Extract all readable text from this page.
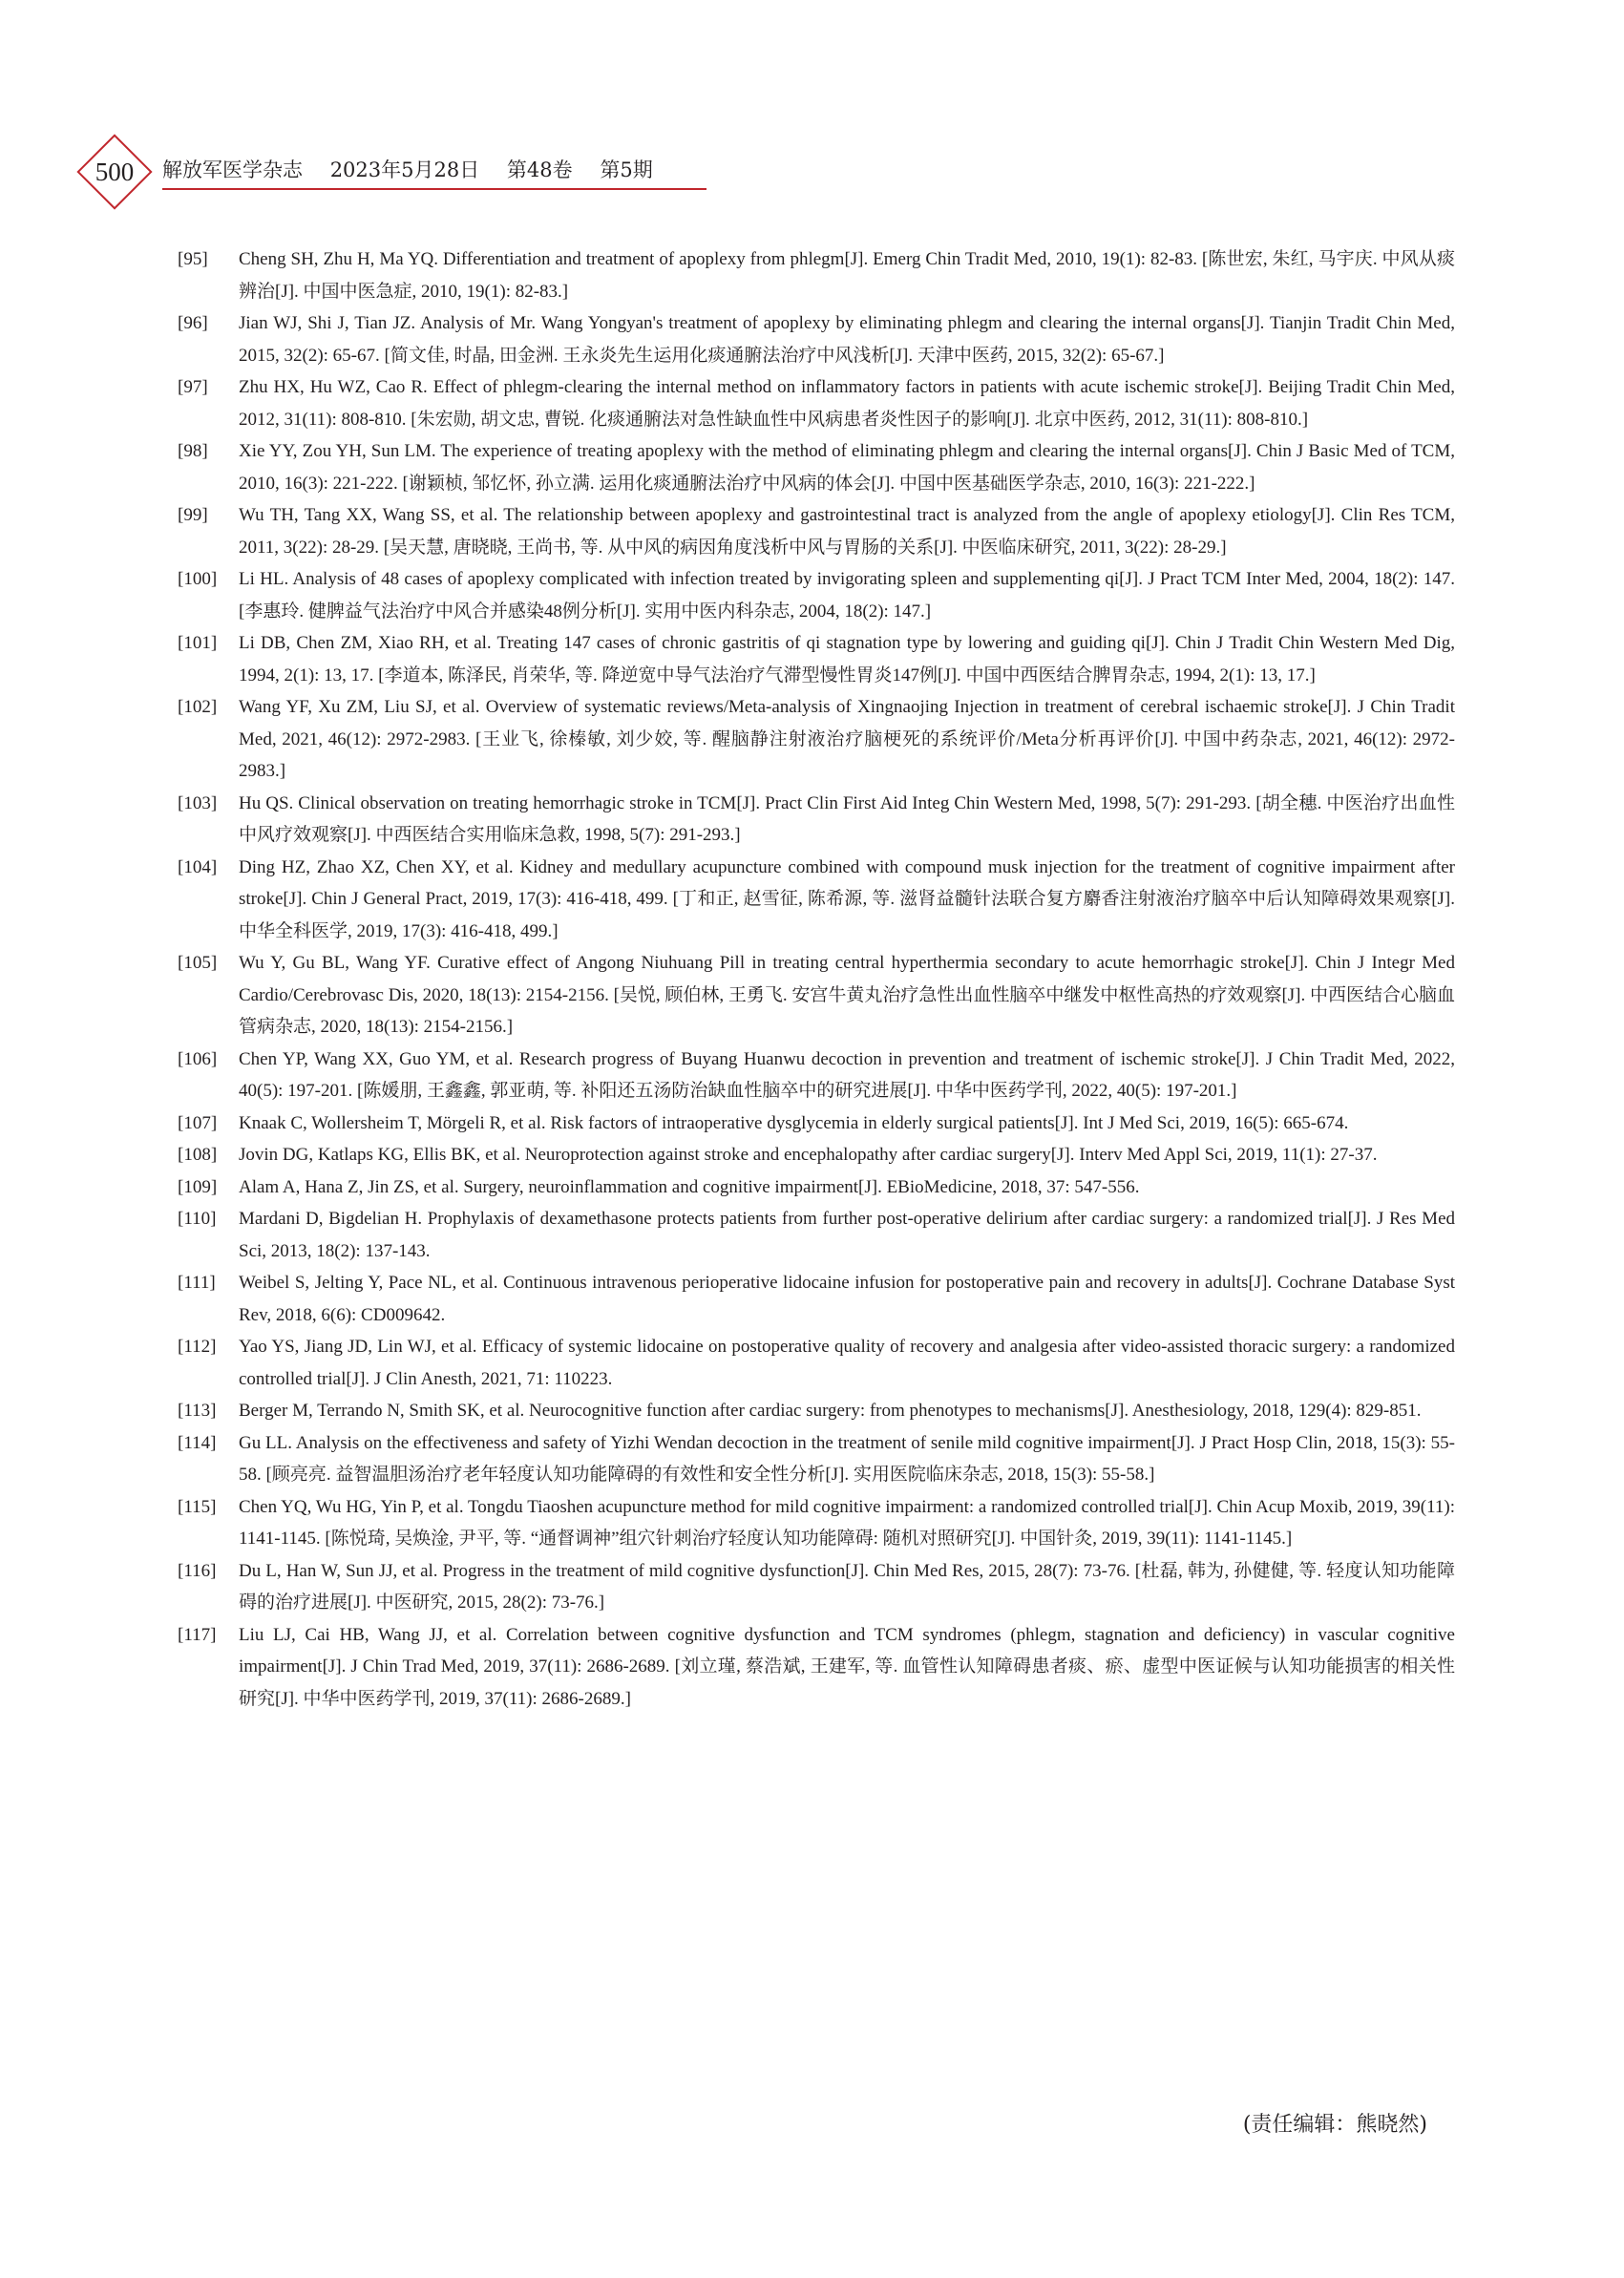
500	解放军医学杂志 2023年5月28日 第48卷 第5期
[95] Cheng SH, Zhu H, Ma YQ. Differentiation and treatment of apoplexy from phlegm[J]. Emerg Chin Tradit Med, 2010, 19(1): 82-83. [陈世宏, 朱红, 马宇庆. 中风从痰辨治[J]. 中国中医急症, 2010, 19(1): 82-83.]
[96] Jian WJ, Shi J, Tian JZ. Analysis of Mr. Wang Yongyan's treatment of apoplexy by eliminating phlegm and clearing the internal organs[J]. Tianjin Tradit Chin Med, 2015, 32(2): 65-67. [简文佳, 时晶, 田金洲. 王永炎先生运用化痰通腑法治疗中风浅析[J]. 天津中医药, 2015, 32(2): 65-67.]
[97] Zhu HX, Hu WZ, Cao R. Effect of phlegm-clearing the internal method on inflammatory factors in patients with acute ischemic stroke[J]. Beijing Tradit Chin Med, 2012, 31(11): 808-810. [朱宏勋, 胡文忠, 曹锐. 化痰通腑法对急性缺血性中风病患者炎性因子的影响[J]. 北京中医药, 2012, 31(11): 808-810.]
[98] Xie YY, Zou YH, Sun LM. The experience of treating apoplexy with the method of eliminating phlegm and clearing the internal organs[J]. Chin J Basic Med of TCM, 2010, 16(3): 221-222. [谢颖桢, 邹忆怀, 孙立满. 运用化痰通腑法治疗中风病的体会[J]. 中国中医基础医学杂志, 2010, 16(3): 221-222.]
[99] Wu TH, Tang XX, Wang SS, et al. The relationship between apoplexy and gastrointestinal tract is analyzed from the angle of apoplexy etiology[J]. Clin Res TCM, 2011, 3(22): 28-29. [吴天慧, 唐晓晓, 王尚书, 等. 从中风的病因角度浅析中风与胃肠的关系[J]. 中医临床研究, 2011, 3(22): 28-29.]
[100] Li HL. Analysis of 48 cases of apoplexy complicated with infection treated by invigorating spleen and supplementing qi[J]. J Pract TCM Inter Med, 2004, 18(2): 147. [李惠玲. 健脾益气法治疗中风合并感染48例分析[J]. 实用中医内科杂志, 2004, 18(2): 147.]
[101] Li DB, Chen ZM, Xiao RH, et al. Treating 147 cases of chronic gastritis of qi stagnation type by lowering and guiding qi[J]. Chin J Tradit Chin Western Med Dig, 1994, 2(1): 13, 17. [李道本, 陈泽民, 肖荣华, 等. 降逆宽中导气法治疗气滞型慢性胃炎147例[J]. 中国中西医结合脾胃杂志, 1994, 2(1): 13, 17.]
[102] Wang YF, Xu ZM, Liu SJ, et al. Overview of systematic reviews/Meta-analysis of Xingnaojing Injection in treatment of cerebral ischaemic stroke[J]. J Chin Tradit Med, 2021, 46(12): 2972-2983. [王业飞, 徐榛敏, 刘少姣, 等. 醒脑静注射液治疗脑梗死的系统评价/Meta分析再评价[J]. 中国中药杂志, 2021, 46(12): 2972-2983.]
[103] Hu QS. Clinical observation on treating hemorrhagic stroke in TCM[J]. Pract Clin First Aid Integ Chin Western Med, 1998, 5(7): 291-293. [胡全穗. 中医治疗出血性中风疗效观察[J]. 中西医结合实用临床急救, 1998, 5(7): 291-293.]
[104] Ding HZ, Zhao XZ, Chen XY, et al. Kidney and medullary acupuncture combined with compound musk injection for the treatment of cognitive impairment after stroke[J]. Chin J General Pract, 2019, 17(3): 416-418, 499. [丁和正, 赵雪征, 陈希源, 等. 滋肾益髓针法联合复方麝香注射液治疗脑卒中后认知障碍效果观察[J]. 中华全科医学, 2019, 17(3): 416-418, 499.]
[105] Wu Y, Gu BL, Wang YF. Curative effect of Angong Niuhuang Pill in treating central hyperthermia secondary to acute hemorrhagic stroke[J]. Chin J Integr Med Cardio/Cerebrovasc Dis, 2020, 18(13): 2154-2156. [吴悦, 顾伯林, 王勇飞. 安宫牛黄丸治疗急性出血性脑卒中继发中枢性高热的疗效观察[J]. 中西医结合心脑血管病杂志, 2020, 18(13): 2154-2156.]
[106] Chen YP, Wang XX, Guo YM, et al. Research progress of Buyang Huanwu decoction in prevention and treatment of ischemic stroke[J]. J Chin Tradit Med, 2022, 40(5): 197-201. [陈媛朋, 王鑫鑫, 郭亚萌, 等. 补阳还五汤防治缺血性脑卒中的研究进展[J]. 中华中医药学刊, 2022, 40(5): 197-201.]
[107] Knaak C, Wollersheim T, Mörgeli R, et al. Risk factors of intraoperative dysglycemia in elderly surgical patients[J]. Int J Med Sci, 2019, 16(5): 665-674.
[108] Jovin DG, Katlaps KG, Ellis BK, et al. Neuroprotection against stroke and encephalopathy after cardiac surgery[J]. Interv Med Appl Sci, 2019, 11(1): 27-37.
[109] Alam A, Hana Z, Jin ZS, et al. Surgery, neuroinflammation and cognitive impairment[J]. EBioMedicine, 2018, 37: 547-556.
[110] Mardani D, Bigdelian H. Prophylaxis of dexamethasone protects patients from further post-operative delirium after cardiac surgery: a randomized trial[J]. J Res Med Sci, 2013, 18(2): 137-143.
[111] Weibel S, Jelting Y, Pace NL, et al. Continuous intravenous perioperative lidocaine infusion for postoperative pain and recovery in adults[J]. Cochrane Database Syst Rev, 2018, 6(6): CD009642.
[112] Yao YS, Jiang JD, Lin WJ, et al. Efficacy of systemic lidocaine on postoperative quality of recovery and analgesia after video-assisted thoracic surgery: a randomized controlled trial[J]. J Clin Anesth, 2021, 71: 110223.
[113] Berger M, Terrando N, Smith SK, et al. Neurocognitive function after cardiac surgery: from phenotypes to mechanisms[J]. Anesthesiology, 2018, 129(4): 829-851.
[114] Gu LL. Analysis on the effectiveness and safety of Yizhi Wendan decoction in the treatment of senile mild cognitive impairment[J]. J Pract Hosp Clin, 2018, 15(3): 55-58. [顾亮亮. 益智温胆汤治疗老年轻度认知功能障碍的有效性和安全性分析[J]. 实用医院临床杂志, 2018, 15(3): 55-58.]
[115] Chen YQ, Wu HG, Yin P, et al. Tongdu Tiaoshen acupuncture method for mild cognitive impairment: a randomized controlled trial[J]. Chin Acup Moxib, 2019, 39(11): 1141-1145. [陈悦琦, 吴焕淦, 尹平, 等. “通督调神”组穴针刺治疗轻度认知功能障碍: 随机对照研究[J]. 中国针灸, 2019, 39(11): 1141-1145.]
[116] Du L, Han W, Sun JJ, et al. Progress in the treatment of mild cognitive dysfunction[J]. Chin Med Res, 2015, 28(7): 73-76. [杜磊, 韩为, 孙健健, 等. 轻度认知功能障碍的治疗进展[J]. 中医研究, 2015, 28(2): 73-76.]
[117] Liu LJ, Cai HB, Wang JJ, et al. Correlation between cognitive dysfunction and TCM syndromes (phlegm, stagnation and deficiency) in vascular cognitive impairment[J]. J Chin Trad Med, 2019, 37(11): 2686-2689. [刘立瑾, 蔡浩斌, 王建军, 等. 血管性认知障碍患者痰、瘀、虚型中医证候与认知功能损害的相关性研究[J]. 中华中医药学刊, 2019, 37(11): 2686-2689.]
(责任编辑：熊晓然)
